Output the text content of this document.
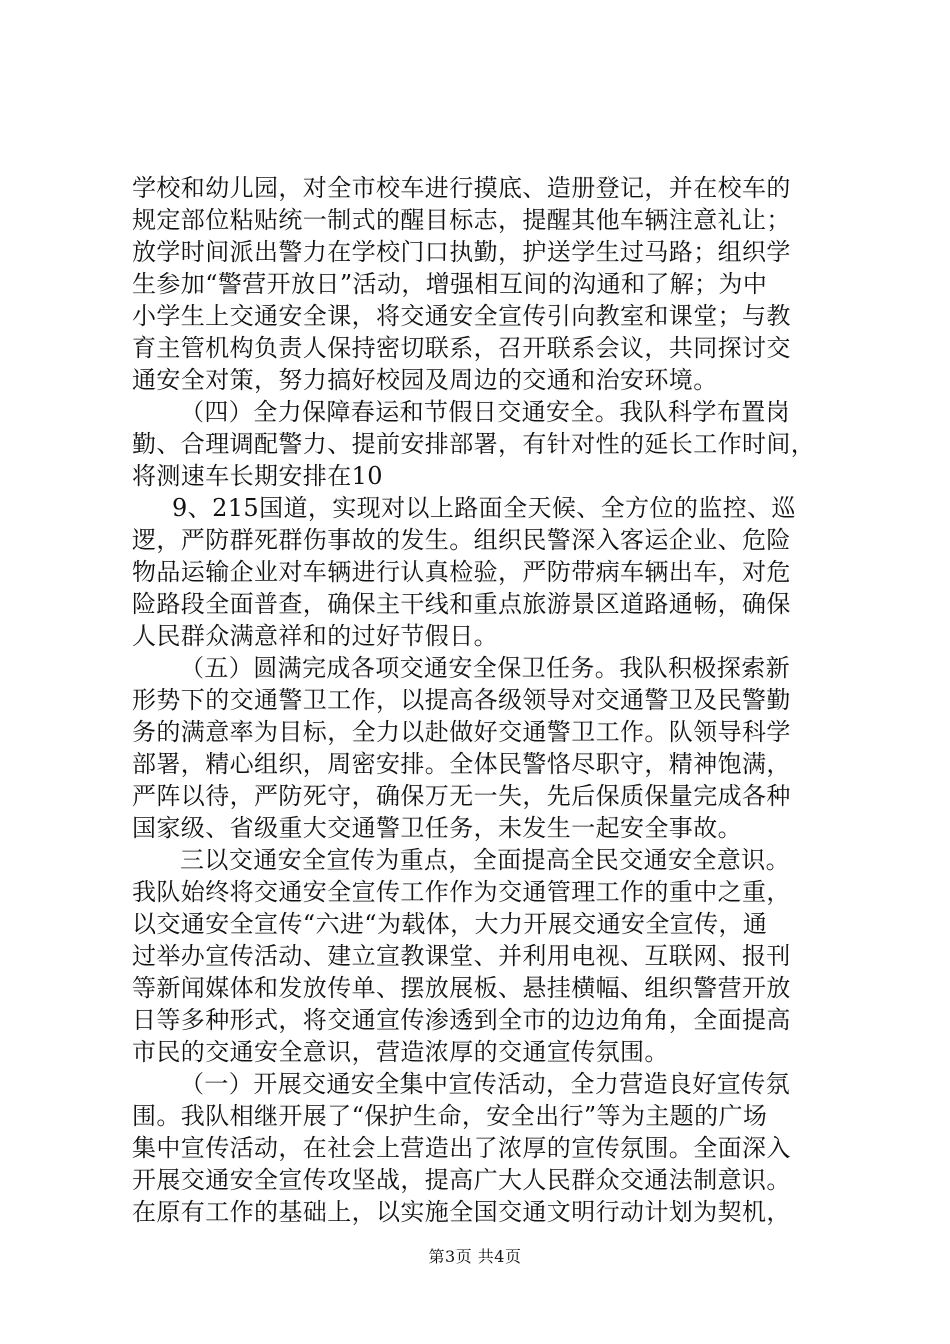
学校和幼儿园，对全市校车进行摸底、造册登记，并在校车的
规定部位粘贴统一制式的醒目标志，提醒其他车辆注意礼让；
放学时间派出警力在学校门口执勤，护送学生过马路；组织学
生参加“警营开放日”活动，增强相互间的沟通和了解；为中
小学生上交通安全课，将交通安全宣传引向教室和课堂；与教
育主管机构负责人保持密切联系，召开联系会议，共同探讨交
通安全对策，努力搞好校园及周边的交通和治安环境。
（四）全力保障春运和节假日交通安全。我队科学布置岗
勤、合理调配警力、提前安排部署，有针对性的延长工作时间，
将测速车长期安排在10
9、215国道，实现对以上路面全天候、全方位的监控、巡
逻，严防群死群伤事故的发生。组织民警深入客运企业、危险
物品运输企业对车辆进行认真检验，严防带病车辆出车，对危
险路段全面普查，确保主干线和重点旅游景区道路通畅，确保
人民群众满意祥和的过好节假日。
（五）圆满完成各项交通安全保卫任务。我队积极探索新
形势下的交通警卫工作，以提高各级领导对交通警卫及民警勤
务的满意率为目标，全力以赴做好交通警卫工作。队领导科学
部署，精心组织，周密安排。全体民警恪尽职守，精神饱满，
严阵以待，严防死守，确保万无一失，先后保质保量完成各种
国家级、省级重大交通警卫任务，未发生一起安全事故。
三以交通安全宣传为重点，全面提高全民交通安全意识。
我队始终将交通安全宣传工作作为交通管理工作的重中之重，
以交通安全宣传“六进“为载体，大力开展交通安全宣传，通
过举办宣传活动、建立宣教课堂、并利用电视、互联网、报刊
等新闻媒体和发放传单、摆放展板、悬挂横幅、组织警营开放
日等多种形式，将交通宣传渗透到全市的边边角角，全面提高
市民的交通安全意识，营造浓厚的交通宣传氛围。
（一）开展交通安全集中宣传活动，全力营造良好宣传氛
围。我队相继开展了“保护生命，安全出行”等为主题的广场
集中宣传活动，在社会上营造出了浓厚的宣传氛围。全面深入
开展交通安全宣传攻坚战，提高广大人民群众交通法制意识。
在原有工作的基础上，以实施全国交通文明行动计划为契机，
第3页 共4页
